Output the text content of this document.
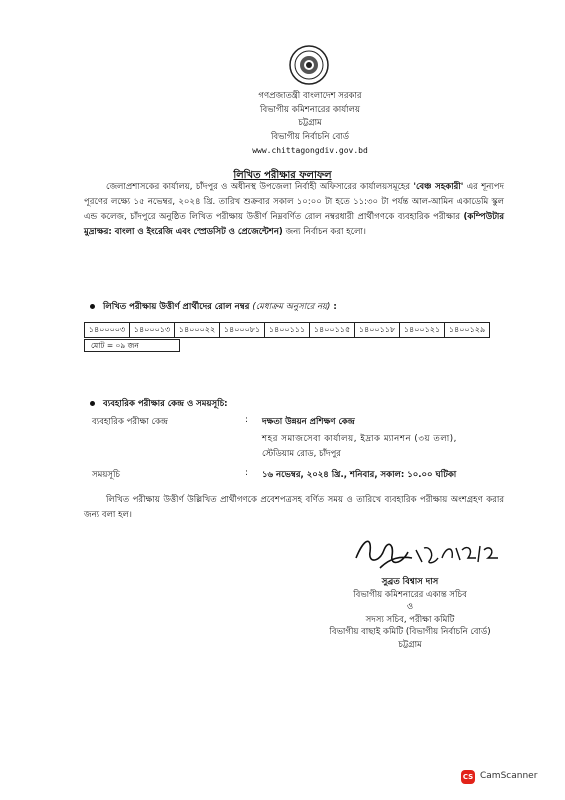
গণপ্রজাতন্ত্রী বাংলাদেশ সরকার
বিভাগীয় কমিশনারের কার্যালয়
চট্টগ্রাম
বিভাগীয় নির্বাচনি বোর্ড
www.chittagongdiv.gov.bd
লিখিত পরীক্ষার ফলাফল
জেলাপ্রশাসকের কার্যালয়, চাঁদপুর ও অধীনস্থ উপজেলা নির্বাহী অফিসারের কার্যালয়সমূহের 'বেঞ্চ সহকারী' এর শূন্যপদ পূরণের লক্ষ্যে ১৫ নভেম্বর, ২০২৪ খ্রি. তারিখ শুক্রবার সকাল ১০:০০ টা হতে ১১:৩০ টা পর্যন্ত আল-আমিন একাডেমি স্কুল এন্ড কলেজ, চাঁদপুরে অনুষ্ঠিত লিখিত পরীক্ষায় উত্তীর্ণ নিম্নবর্ণিত রোল নম্বরধারী প্রার্থীগণকে ব্যবহারিক পরীক্ষার (কম্পিউটার মুদ্রাক্ষর: বাংলা ও ইংরেজি এবং স্প্রেডসিট ও প্রেজেন্টেশন) জন্য নির্বাচন করা হলো।
লিখিত পরীক্ষায় উত্তীর্ণ প্রার্থীদের রোল নম্বর (মেধাক্রম অনুসারে নয়) :
১৪০০০০৩	১৪০০০১৩	১৪০০০২২	১৪০০০৮১	১৪০০১১১	১৪০০১১৫	১৪০০১১৮	১৪০০১২১	১৪০০১২৯
মোট = ০৯ জন
ব্যবহারিক পরীক্ষার কেন্দ্র ও সময়সূচি:
ব্যবহারিক পরীক্ষা কেন্দ্র	: দক্ষতা উন্নয়ন প্রশিক্ষণ কেন্দ্র
শহর সমাজসেবা কার্যালয়, ইদ্রাক ম্যানশন (৩য় তলা),
স্টেডিয়াম রোড, চাঁদপুর
সময়সূচি	: ১৬ নভেম্বর, ২০২৪ খ্রি., শনিবার, সকাল: ১০.০০ ঘটিকা
লিখিত পরীক্ষায় উত্তীর্ণ উল্লিখিত প্রার্থীগণকে প্রবেশপত্রসহ বর্ণিত সময় ও তারিখে ব্যবহারিক পরীক্ষায় অংশগ্রহণ করার জন্য বলা হল।
সুব্রত বিশ্বাস দাস
বিভাগীয় কমিশনারের একান্ত সচিব
ও
সদস্য সচিব, পরীক্ষা কমিটি
বিভাগীয় বাছাই কমিটি (বিভাগীয় নির্বাচনি বোর্ড)
চট্টগ্রাম
CS CamScanner
